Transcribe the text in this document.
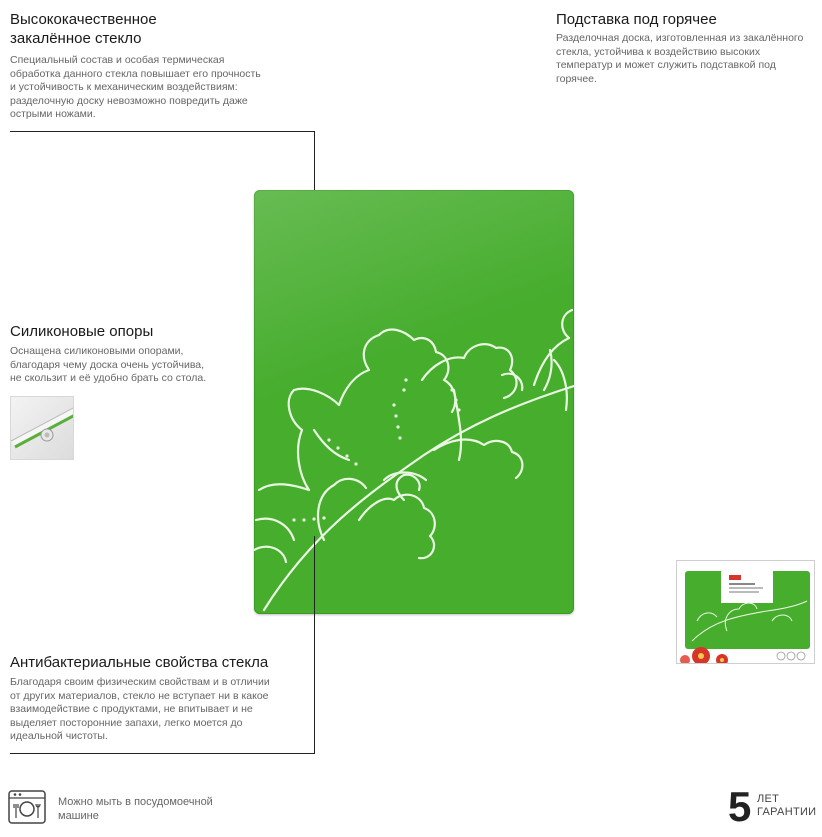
Высококачественное
закалённое стекло
Специальный состав и особая термическая
обработка данного стекла повышает его прочность
и устойчивость к механическим воздействиям:
разделочную доску невозможно повредить даже
острыми ножами.
Подставка под горячее
Разделочная доска, изготовленная из закалённого
стекла, устойчива к воздействию высоких
температур и может служить подставкой под
горячее.
Силиконовые опоры
Оснащена силиконовыми опорами,
благодаря чему доска очень устойчива,
не скользит и её удобно брать со стола.
Антибактериальные свойства стекла
Благодаря своим физическим свойствам и в отличии
от других материалов, стекло не вступает ни в какое
взаимодействие с продуктами, не впитывает и не
выделяет посторонние запахи, легко моется до
идеальной чистоты.
Можно мыть в посудомоечной
машине	5 ЛЕТ
ГАРАНТИИ
